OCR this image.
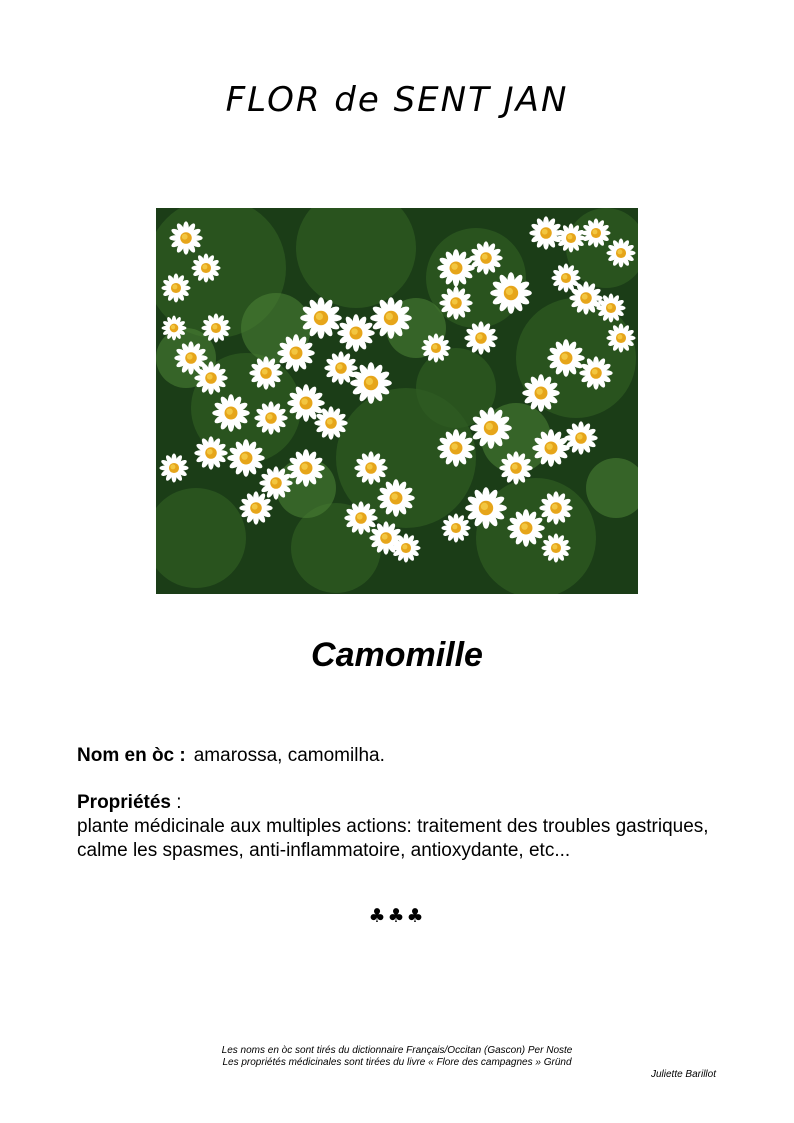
FLOR de SENT JAN
Camomille
Nom en òc : amarossa, camomilha.
Propriétés :
plante médicinale aux multiples actions: traitement des troubles gastriques, calme les spasmes, anti-inflammatoire, antioxydante, etc...
♣♣♣
Les noms en òc sont tirés du dictionnaire Français/Occitan (Gascon) Per Noste
Les propriétés médicinales sont tirées du livre « Flore des campagnes » Gründ
Juliette Barillot
